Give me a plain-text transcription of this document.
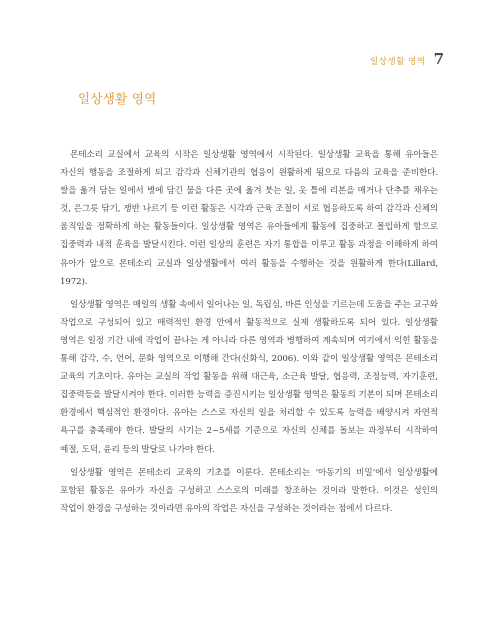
일상생활 영역 7
일상생활 영역

몬테소리 교실에서 교육의 시작은 일상생활 영역에서 시작된다. 일상생활 교육을 통해 유아들은 자신의 행동을 조절하게 되고 감각과 신체기관의 협응이 원활하게 됨으로 다음의 교육을 준비한다. 쌀을 옮겨 담는 일에서 병에 담긴 물을 다른 곳에 옮겨 붓는 일, 옷 틀에 리본을 매거나 단추를 채우는 것, 은그릇 닦기, 쟁반 나르기 등 이런 활동은 시각과 근육 조절이 서로 협응하도록 하여 감각과 신체의 움직임을 정확하게 하는 활동들이다. 일상생활 영역은 유아들에게 활동에 집중하고 몰입하게 함으로 집중력과 내적 훈육을 발달시킨다. 이런 일상의 훈련은 자기 통합을 이루고 활동 과정을 이해하게 하여 유아가 앞으로 몬테소리 교실과 일상생활에서 여러 활동을 수행하는 것을 원활하게 한다(Lillard, 1972).

일상생활 영역은 매일의 생활 속에서 일어나는 일, 독립심, 바른 인성을 기르는데 도움을 주는 교구와 작업으로 구성되어 있고 매력적인 환경 안에서 활동적으로 실제 생활하도록 되어 있다. 일상생활 영역은 일정 기간 내에 작업이 끝나는 게 아니라 다른 영역과 병행하여 계속되며 여기에서 익힌 활동을 통해 감각, 수, 언어, 문화 영역으로 이행해 간다(신화식, 2006). 이와 같이 일상생활 영역은 몬테소리 교육의 기초이다. 유아는 교실의 작업 활동을 위해 대근육, 소근육 발달, 협응력, 조정능력, 자기훈련, 집중력등을 발달시켜야 한다. 이러한 능력을 증진시키는 일상생활 영역은 활동의 기본이 되며 몬테소리 환경에서 핵심적인 환경이다. 유아는 스스로 자신의 일을 처리할 수 있도록 능력을 배양시켜 자연적 욕구를 충족해야 한다. 발달의 시기는 2~5세를 기준으로 자신의 신체를 돌보는 과정부터 시작하여 예절, 도덕, 윤리 등의 발달로 나가야 한다.

일상생활 영역은 몬테소리 교육의 기초를 이룬다. 몬테소리는 ‘아동기의 비밀’에서 일상생활에 포함된 활동은 유아가 자신을 구성하고 스스로의 미래를 창조하는 것이라 말한다. 이것은 성인의 작업이 환경을 구성하는 것이라면 유아의 작업은 자신을 구성하는 것이라는 점에서 다르다.
